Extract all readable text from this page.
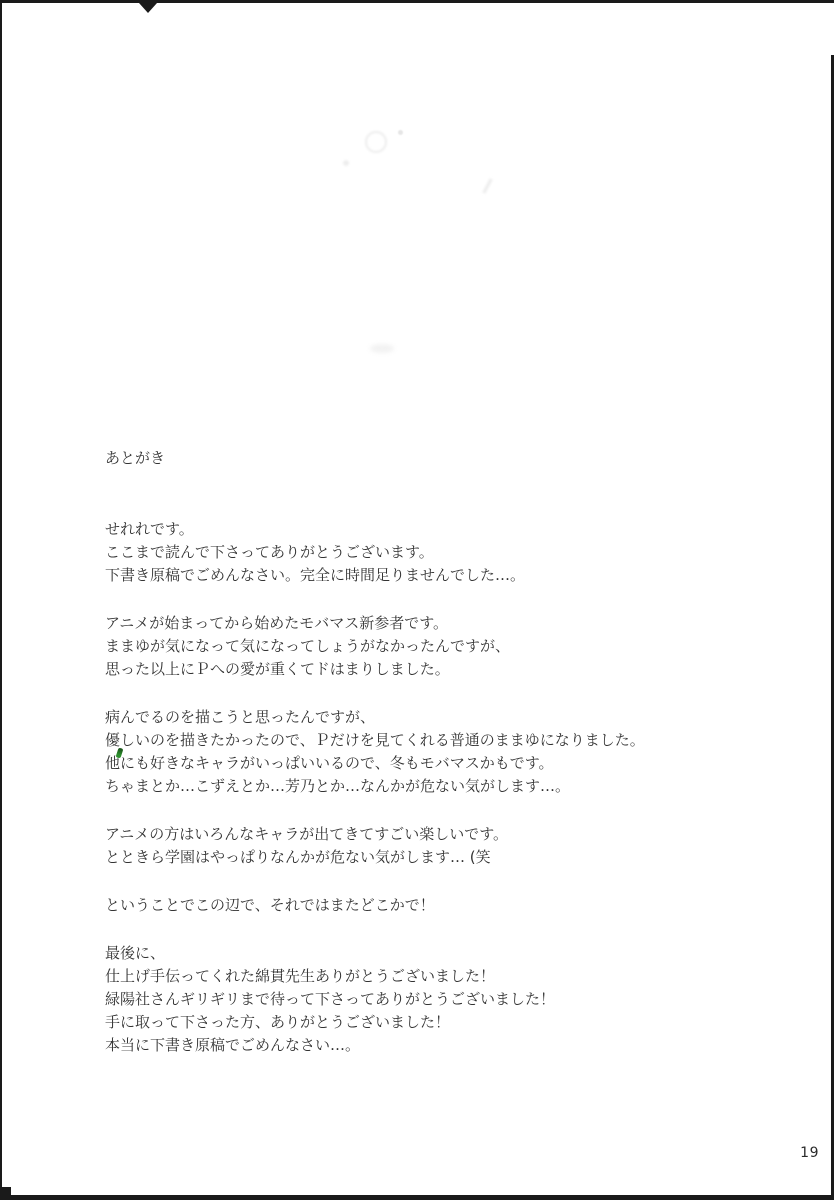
あとがき
せれれです。
ここまで読んで下さってありがとうございます。
下書き原稿でごめんなさい。完全に時間足りませんでした…。
アニメが始まってから始めたモバマス新参者です。
ままゆが気になって気になってしょうがなかったんですが、
思った以上にＰへの愛が重くてドはまりしました。
病んでるのを描こうと思ったんですが、
優しいのを描きたかったので、Ｐだけを見てくれる普通のままゆになりました。
他にも好きなキャラがいっぱいいるので、冬もモバマスかもです。
ちゃまとか…こずえとか…芳乃とか…なんかが危ない気がします…。
アニメの方はいろんなキャラが出てきてすごい楽しいです。
とときら学園はやっぱりなんかが危ない気がします… (笑
ということでこの辺で、それではまたどこかで！
最後に、
仕上げ手伝ってくれた綿貫先生ありがとうございました！
緑陽社さんギリギリまで待って下さってありがとうございました！
手に取って下さった方、ありがとうございました！
本当に下書き原稿でごめんなさい…。
19
